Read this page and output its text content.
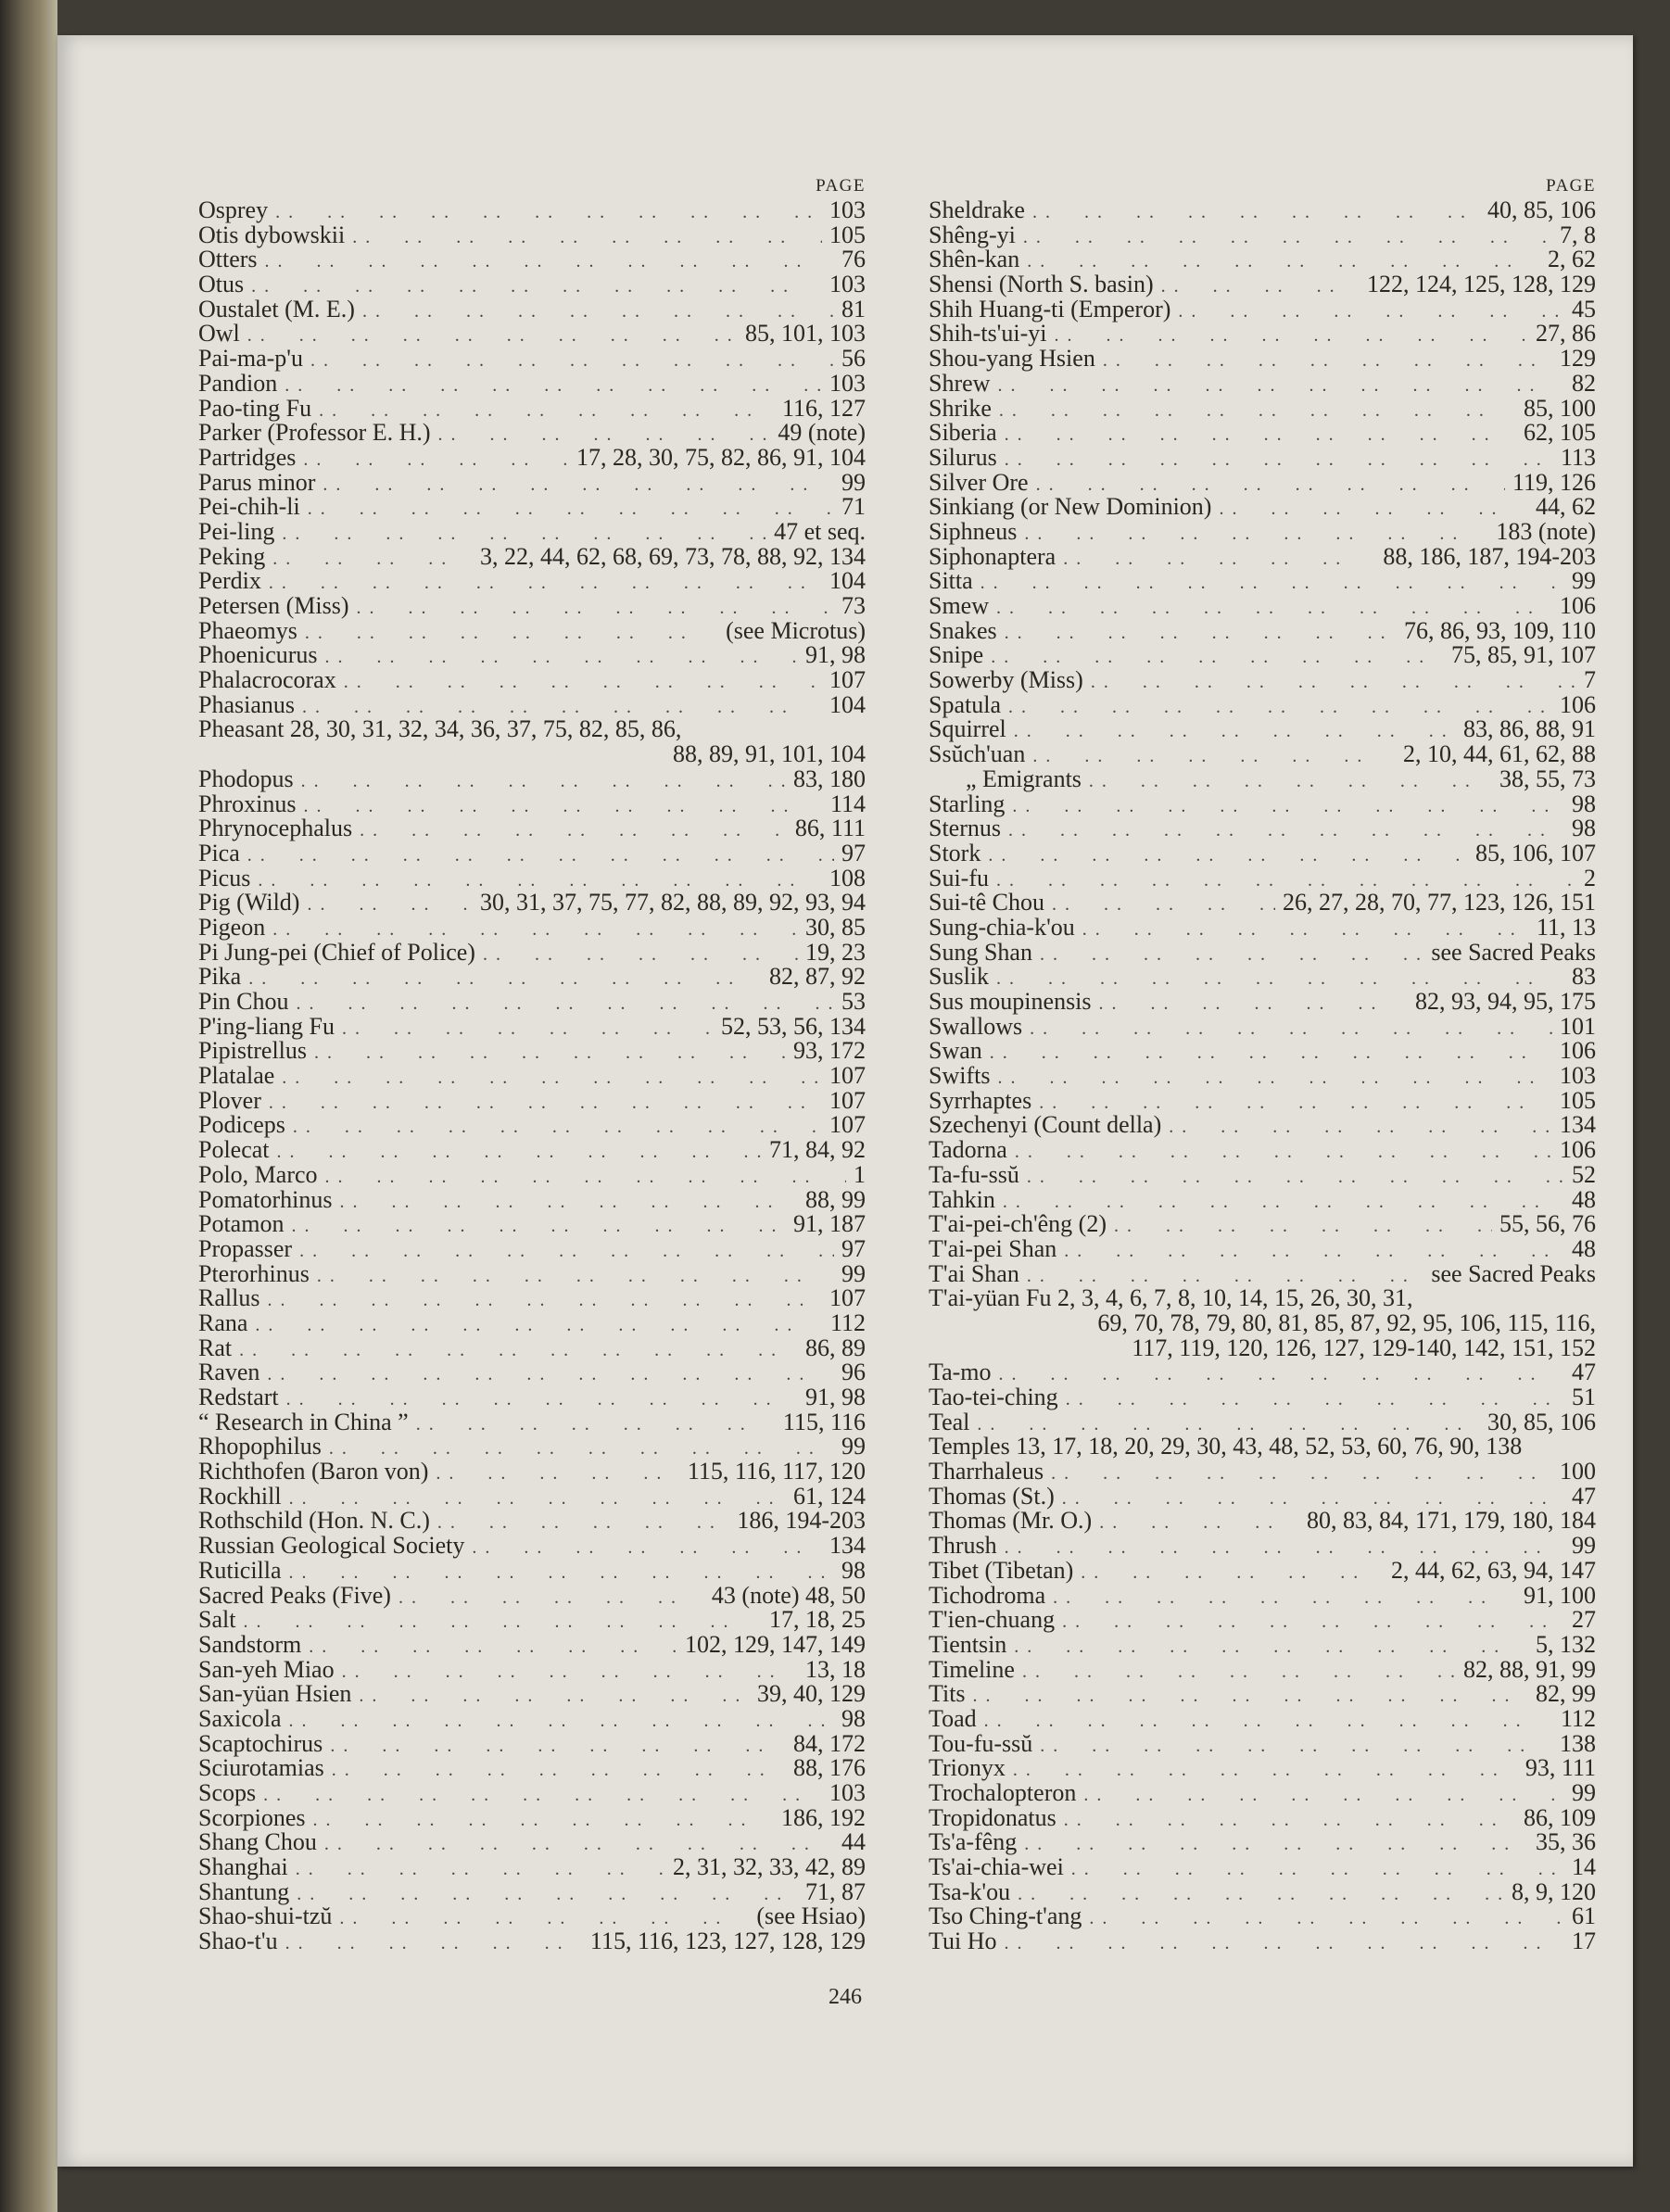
PAGE
Osprey . .	103
Otis dybowskii . .	105
Otters . .	76
Otus . .	103
Oustalet (M. E.) . .	81
Owl . .	85, 101, 103
Pai-ma-p'u . .	56
Pandion . .	103
Pao-ting Fu . .	116, 127
Parker (Professor E. H.) . .	49 (note)
Partridges . .	17, 28, 30, 75, 82, 86, 91, 104
Parus minor . .	99
Pei-chih-li . .	71
Pei-ling . .	47 et seq.
Peking . .	3, 22, 44, 62, 68, 69, 73, 78, 88, 92, 134
Perdix . .	104
Petersen (Miss) . .	73
Phaeomys . .	(see Microtus)
Phoenicurus . .	91, 98
Phalacrocorax . .	107
Phasianus . .	104
Pheasant 28, 30, 31, 32, 34, 36, 37, 75, 82, 85, 86,
88, 89, 91, 101, 104
Phodopus . .	83, 180
Phroxinus . .	114
Phrynocephalus . .	86, 111
Pica . .	97
Picus . .	108
Pig (Wild) . .	30, 31, 37, 75, 77, 82, 88, 89, 92, 93, 94
Pigeon . .	30, 85
Pi Jung-pei (Chief of Police) . .	19, 23
Pika . .	82, 87, 92
Pin Chou . .	53
P'ing-liang Fu . .	52, 53, 56, 134
Pipistrellus . .	93, 172
Platalae . .	107
Plover . .	107
Podiceps . .	107
Polecat . .	71, 84, 92
Polo, Marco . .	1
Pomatorhinus . .	88, 99
Potamon . .	91, 187
Propasser . .	97
Pterorhinus . .	99
Rallus . .	107
Rana . .	112
Rat . .	86, 89
Raven . .	96
Redstart . .	91, 98
“ Research in China ” . .	115, 116
Rhopophilus . .	99
Richthofen (Baron von) . .	115, 116, 117, 120
Rockhill . .	61, 124
Rothschild (Hon. N. C.) . .	186, 194-203
Russian Geological Society . .	134
Ruticilla . .	98
Sacred Peaks (Five) . .	43 (note) 48, 50
Salt . .	17, 18, 25
Sandstorm . .	102, 129, 147, 149
San-yeh Miao . .	13, 18
San-yüan Hsien . .	39, 40, 129
Saxicola . .	98
Scaptochirus . .	84, 172
Sciurotamias . .	88, 176
Scops . .	103
Scorpiones . .	186, 192
Shang Chou . .	44
Shanghai . .	2, 31, 32, 33, 42, 89
Shantung . .	71, 87
Shao-shui-tzŭ . .	(see Hsiao)
Shao-t'u . .	115, 116, 123, 127, 128, 129
PAGE
Sheldrake . .	40, 85, 106
Shêng-yi . .	7, 8
Shên-kan . .	2, 62
Shensi (North S. basin) . .	122, 124, 125, 128, 129
Shih Huang-ti (Emperor) . .	45
Shih-ts'ui-yi . .	27, 86
Shou-yang Hsien . .	129
Shrew . .	82
Shrike . .	85, 100
Siberia . .	62, 105
Silurus . .	113
Silver Ore . .	119, 126
Sinkiang (or New Dominion) . .	44, 62
Siphneus . .	183 (note)
Siphonaptera . .	88, 186, 187, 194-203
Sitta . .	99
Smew . .	106
Snakes . .	76, 86, 93, 109, 110
Snipe . .	75, 85, 91, 107
Sowerby (Miss) . .	7
Spatula . .	106
Squirrel . .	83, 86, 88, 91
Ssŭch'uan . .	2, 10, 44, 61, 62, 88
„ Emigrants . .	38, 55, 73
Starling . .	98
Sternus . .	98
Stork . .	85, 106, 107
Sui-fu . .	2
Sui-tê Chou . .	26, 27, 28, 70, 77, 123, 126, 151
Sung-chia-k'ou . .	11, 13
Sung Shan . .	see Sacred Peaks
Suslik . .	83
Sus moupinensis . .	82, 93, 94, 95, 175
Swallows . .	101
Swan . .	106
Swifts . .	103
Syrrhaptes . .	105
Szechenyi (Count della) . .	134
Tadorna . .	106
Ta-fu-ssŭ . .	52
Tahkin . .	48
T'ai-pei-ch'êng (2) . .	55, 56, 76
T'ai-pei Shan . .	48
T'ai Shan . .	see Sacred Peaks
T'ai-yüan Fu 2, 3, 4, 6, 7, 8, 10, 14, 15, 26, 30, 31,
69, 70, 78, 79, 80, 81, 85, 87, 92, 95, 106, 115, 116,
117, 119, 120, 126, 127, 129-140, 142, 151, 152
Ta-mo . .	47
Tao-tei-ching . .	51
Teal . .	30, 85, 106
Temples 13, 17, 18, 20, 29, 30, 43, 48, 52, 53, 60, 76, 90, 138
Tharrhaleus . .	100
Thomas (St.) . .	47
Thomas (Mr. O.) . .	80, 83, 84, 171, 179, 180, 184
Thrush . .	99
Tibet (Tibetan) . .	2, 44, 62, 63, 94, 147
Tichodroma . .	91, 100
T'ien-chuang . .	27
Tientsin . .	5, 132
Timeline . .	82, 88, 91, 99
Tits . .	82, 99
Toad . .	112
Tou-fu-ssŭ . .	138
Trionyx . .	93, 111
Trochalopteron . .	99
Tropidonatus . .	86, 109
Ts'a-fêng . .	35, 36
Ts'ai-chia-wei . .	14
Tsa-k'ou . .	8, 9, 120
Tso Ching-t'ang . .	61
Tui Ho . .	17
246
